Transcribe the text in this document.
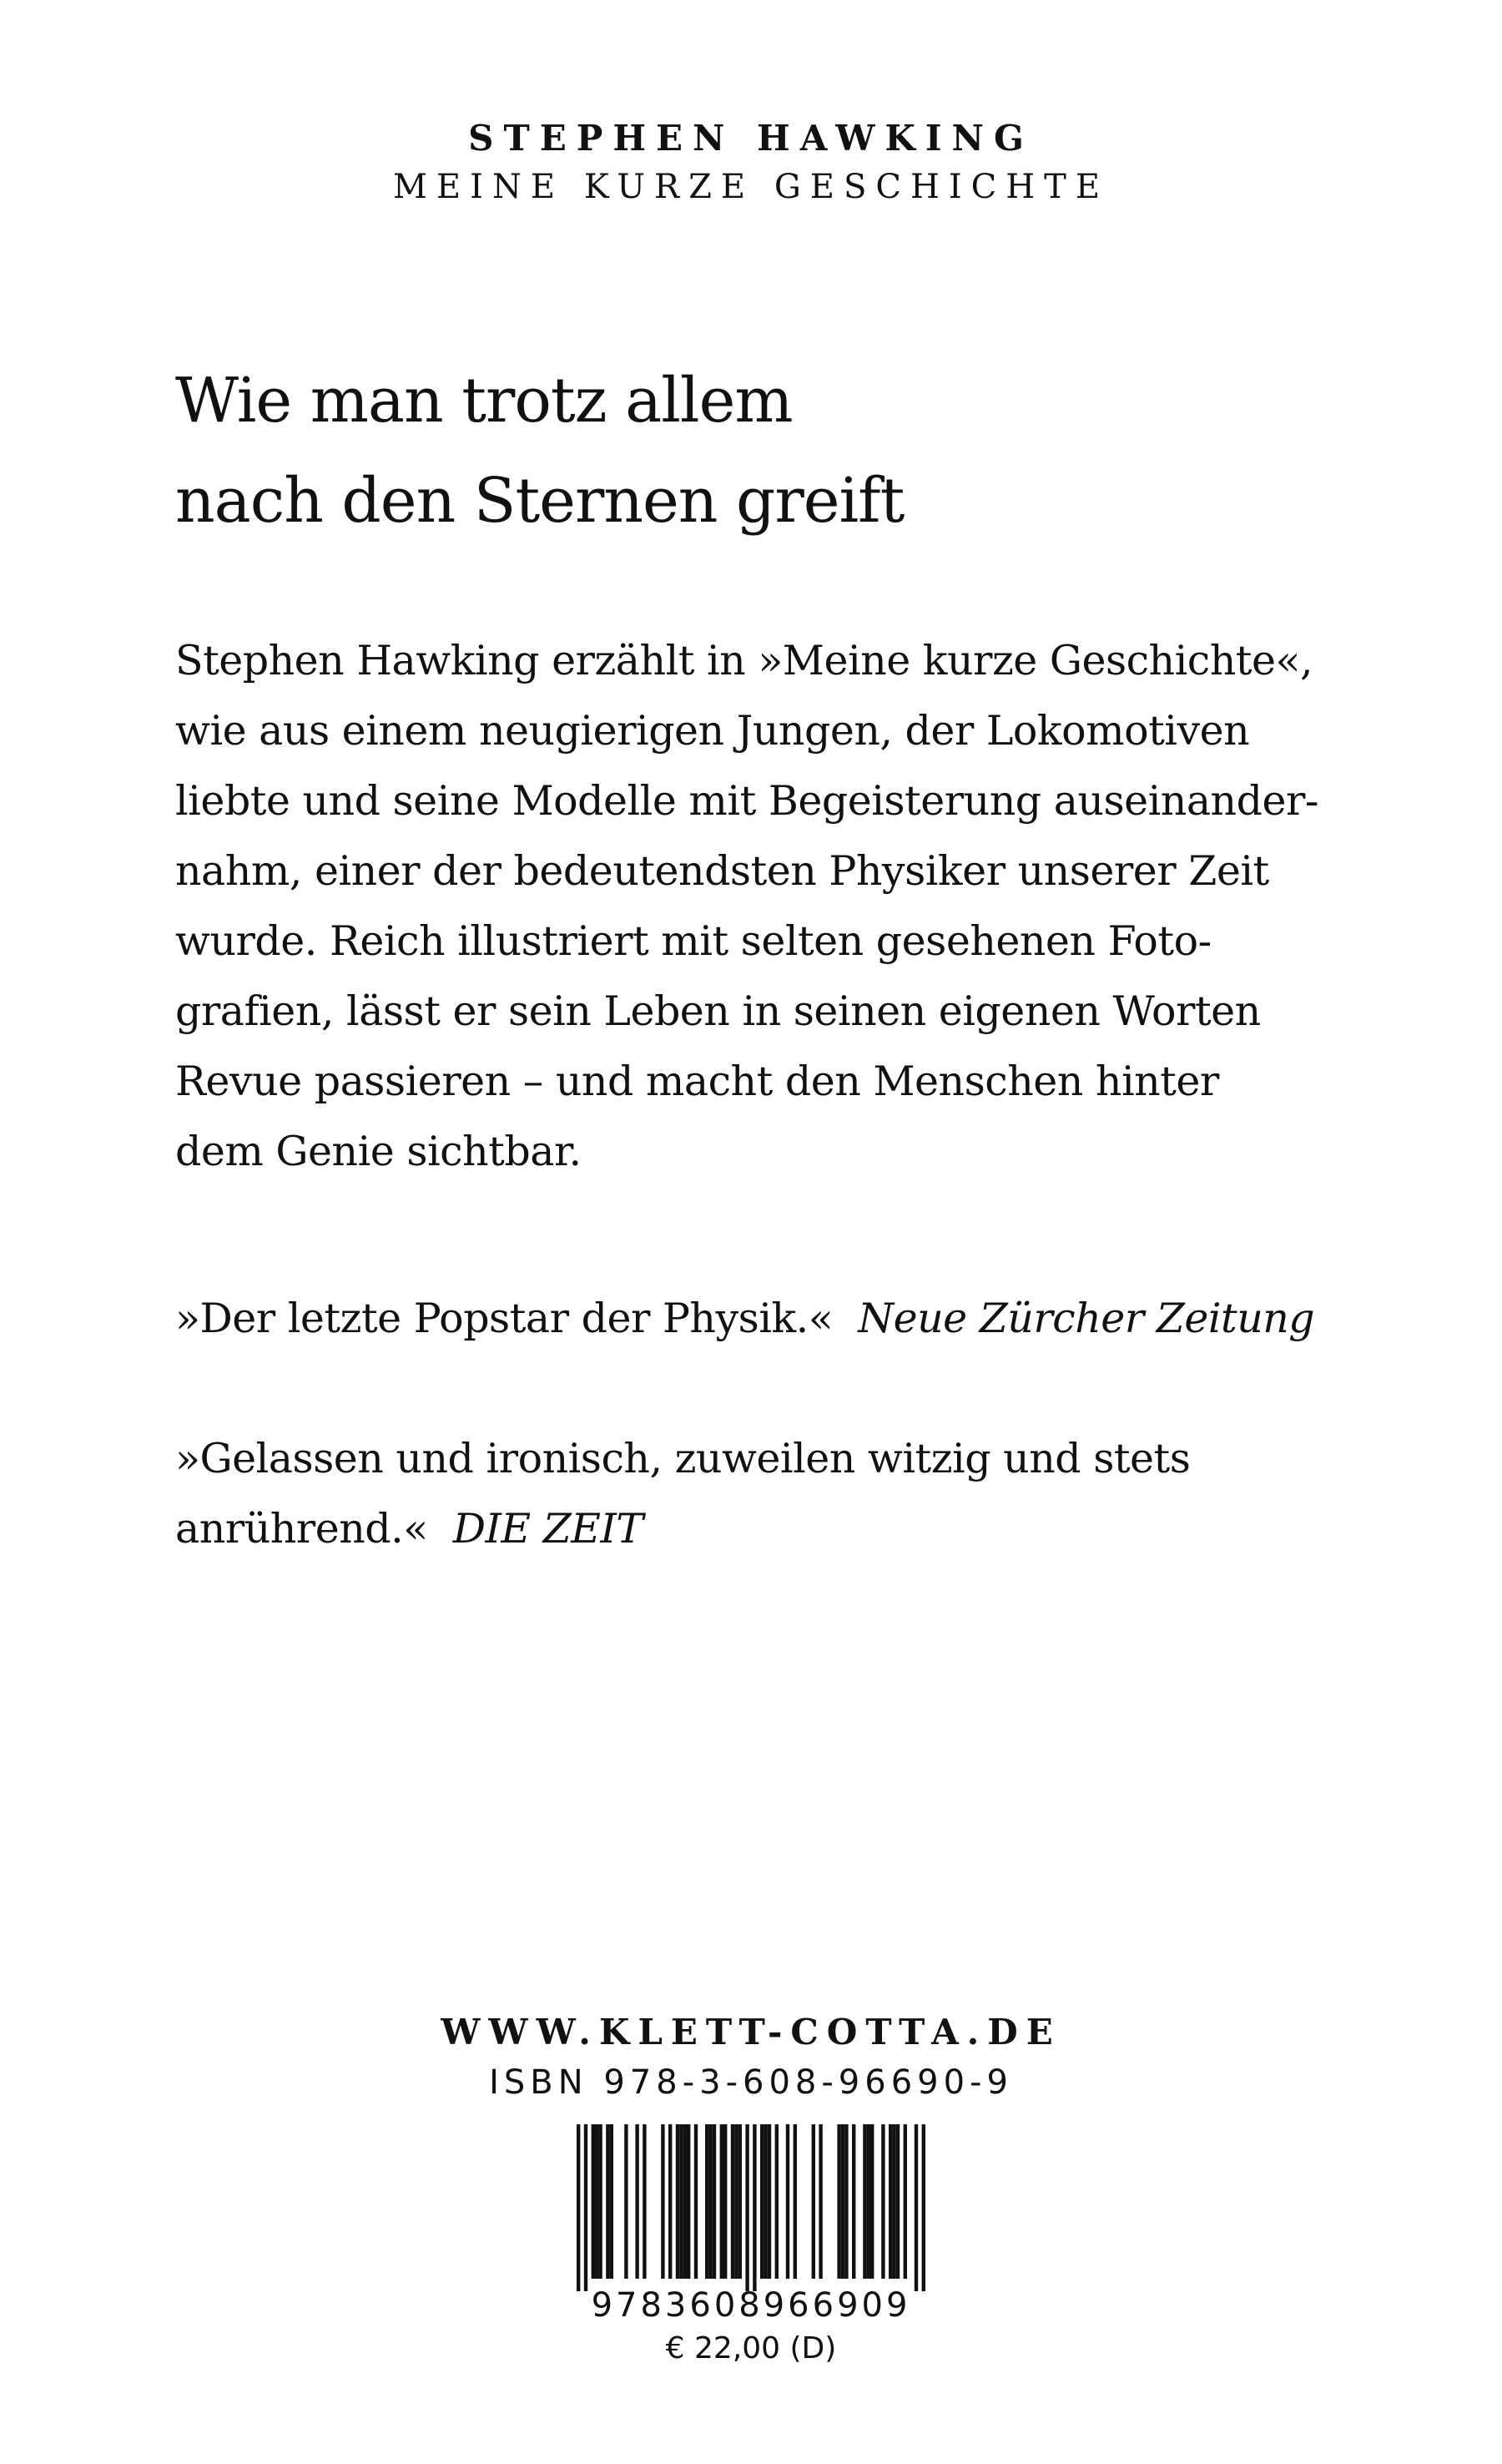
STEPHEN HAWKING
MEINE KURZE GESCHICHTE
Wie man trotz allem
nach den Sternen greift
Stephen Hawking erzählt in »Meine kurze Geschichte«,
wie aus einem neugierigen Jungen, der Lokomotiven
liebte und seine Modelle mit Begeisterung auseinander-
nahm, einer der bedeutendsten Physiker unserer Zeit
wurde. Reich illustriert mit selten gesehenen Foto-
grafien, lässt er sein Leben in seinen eigenen Worten
Revue passieren – und macht den Menschen hinter
dem Genie sichtbar.
»Der letzte Popstar der Physik.« Neue Zürcher Zeitung
»Gelassen und ironisch, zuweilen witzig und stets
anrührend.« DIE ZEIT
WWW.KLETT-COTTA.DE
ISBN 978-3-608-96690-9
9783608966909
€ 22,00 (D)
